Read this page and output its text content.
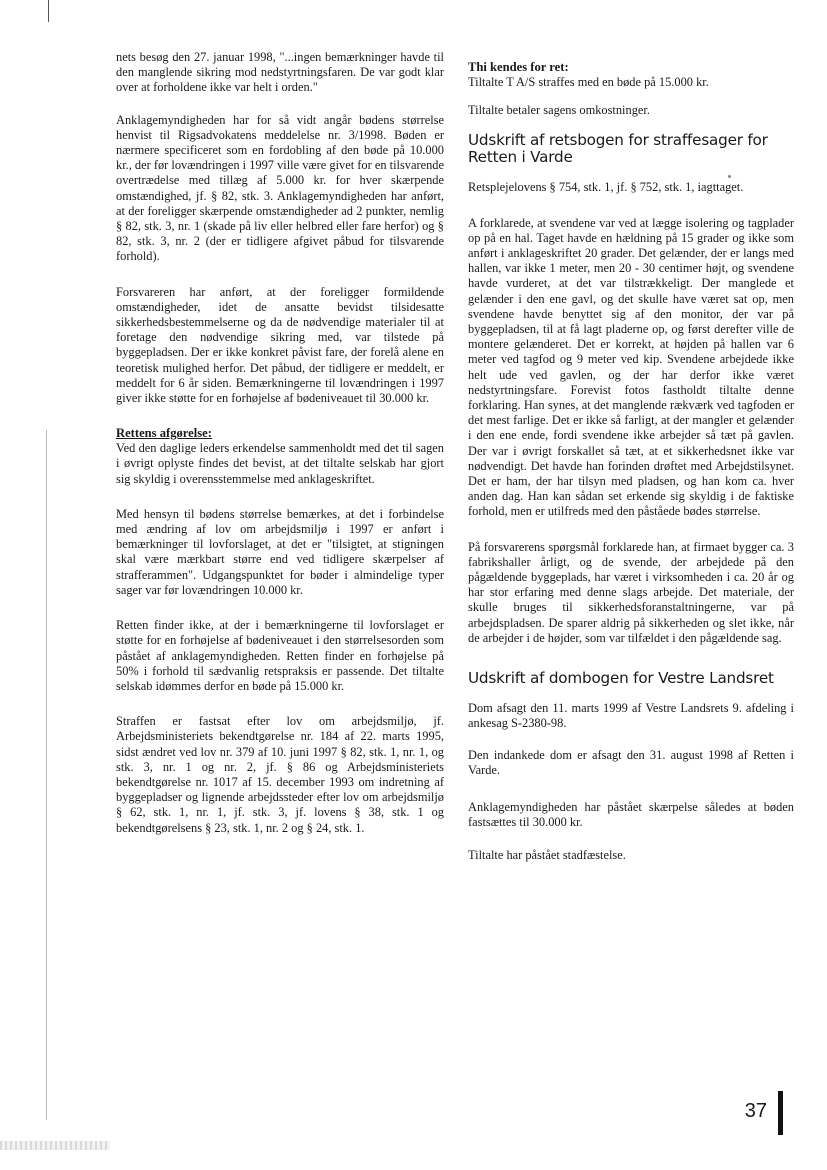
nets besøg den 27. januar 1998, "...ingen bemærkninger havde til den manglende sikring mod nedstyrtningsfaren. De var godt klar over at forholdene ikke var helt i orden."

Anklagemyndigheden har for så vidt angår bødens størrelse henvist til Rigsadvokatens meddelelse nr. 3/1998. Bøden er nærmere specificeret som en fordobling af den bøde på 10.000 kr., der før lovændringen i 1997 ville være givet for en tilsvarende overtrædelse med tillæg af 5.000 kr. for hver skærpende omstændighed, jf. § 82, stk. 3. Anklagemyndigheden har anført, at der foreligger skærpende omstændigheder ad 2 punkter, nemlig § 82, stk. 3, nr. 1 (skade på liv eller helbred eller fare herfor) og § 82, stk. 3, nr. 2 (der er tidligere afgivet påbud for tilsvarende forhold).

Forsvareren har anført, at der foreligger formildende omstændigheder, idet de ansatte bevidst tilsidesatte sikkerhedsbestemmelserne og da de nødvendige materialer til at foretage den nødvendige sikring med, var tilstede på byggepladsen. Der er ikke konkret påvist fare, der forelå alene en teoretisk mulighed herfor. Det påbud, der tidligere er meddelt, er meddelt for 6 år siden. Bemærkningerne til lovændringen i 1997 giver ikke støtte for en forhøjelse af bødeniveauet til 30.000 kr.

Rettens afgørelse:

Ved den daglige leders erkendelse sammenholdt med det til sagen i øvrigt oplyste findes det bevist, at det tiltalte selskab har gjort sig skyldig i overensstemmelse med anklageskriftet.

Med hensyn til bødens størrelse bemærkes, at det i forbindelse med ændring af lov om arbejdsmiljø i 1997 er anført i bemærkninger til lovforslaget, at det er "tilsigtet, at stigningen skal være mærkbart større end ved tidligere skærpelser af strafferammen". Udgangspunktet for bøder i almindelige typer sager var før lovændringen 10.000 kr.

Retten finder ikke, at der i bemærkningerne til lovforslaget er støtte for en forhøjelse af bødeniveauet i den størrelsesorden som påstået af anklagemyndigheden. Retten finder en forhøjelse på 50% i forhold til sædvanlig retspraksis er passende. Det tiltalte selskab idømmes derfor en bøde på 15.000 kr.

Straffen er fastsat efter lov om arbejdsmiljø, jf. Arbejdsministeriets bekendtgørelse nr. 184 af 22. marts 1995, sidst ændret ved lov nr. 379 af 10. juni 1997 § 82, stk. 1, nr. 1, og stk. 3, nr. 1 og nr. 2, jf. § 86 og Arbejdsministeriets bekendtgørelse nr. 1017 af 15. december 1993 om indretning af byggepladser og lignende arbejdssteder efter lov om arbejdsmiljø § 62, stk. 1, nr. 1, jf. stk. 3, jf. lovens § 38, stk. 1 og bekendtgørelsens § 23, stk. 1, nr. 2 og § 24, stk. 1.

Thi kendes for ret:

Tiltalte T A/S straffes med en bøde på 15.000 kr.

Tiltalte betaler sagens omkostninger.

Udskrift af retsbogen for straffesager for Retten i Varde

Retsplejelovens § 754, stk. 1, jf. § 752, stk. 1, iagttaget.

A forklarede, at svendene var ved at lægge isolering og tagplader op på en hal. Taget havde en hældning på 15 grader og ikke som anført i anklageskriftet 20 grader. Det gelænder, der er langs med hallen, var ikke 1 meter, men 20 - 30 centimer højt, og svendene havde vurderet, at det var tilstrækkeligt. Der manglede et gelænder i den ene gavl, og det skulle have været sat op, men svendene havde benyttet sig af den monitor, der var på byggepladsen, til at få lagt pladerne op, og først derefter ville de montere gelænderet. Det er korrekt, at højden på hallen var 6 meter ved tagfod og 9 meter ved kip. Svendene arbejdede ikke helt ude ved gavlen, og der har derfor ikke været nedstyrtningsfare. Forevist fotos fastholdt tiltalte denne forklaring. Han synes, at det manglende rækværk ved tagfoden er det mest farlige. Det er ikke så farligt, at der mangler et gelænder i den ene ende, fordi svendene ikke arbejder så tæt på gavlen. Der var i øvrigt forskallet så tæt, at et sikkerhedsnet ikke var nødvendigt. Det havde han forinden drøftet med Arbejdstilsynet. Det er ham, der har tilsyn med pladsen, og han kom ca. hver anden dag. Han kan sådan set erkende sig skyldig i de faktiske forhold, men er utilfreds med den påståede bødes størrelse.

På forsvarerens spørgsmål forklarede han, at firmaet bygger ca. 3 fabrikshaller årligt, og de svende, der arbejdede på den pågældende byggeplads, har været i virksomheden i ca. 20 år og har stor erfaring med denne slags arbejde. Det materiale, der skulle bruges til sikkerhedsforanstaltningerne, var på arbejdspladsen. De sparer aldrig på sikkerheden og slet ikke, når de arbejder i de højder, som var tilfældet i den pågældende sag.

Udskrift af dombogen for Vestre Landsret

Dom afsagt den 11. marts 1999 af Vestre Landsrets 9. afdeling i ankesag S-2380-98.

Den indankede dom er afsagt den 31. august 1998 af Retten i Varde.

Anklagemyndigheden har påstået skærpelse således at bøden fastsættes til 30.000 kr.

Tiltalte har påstået stadfæstelse.

37
